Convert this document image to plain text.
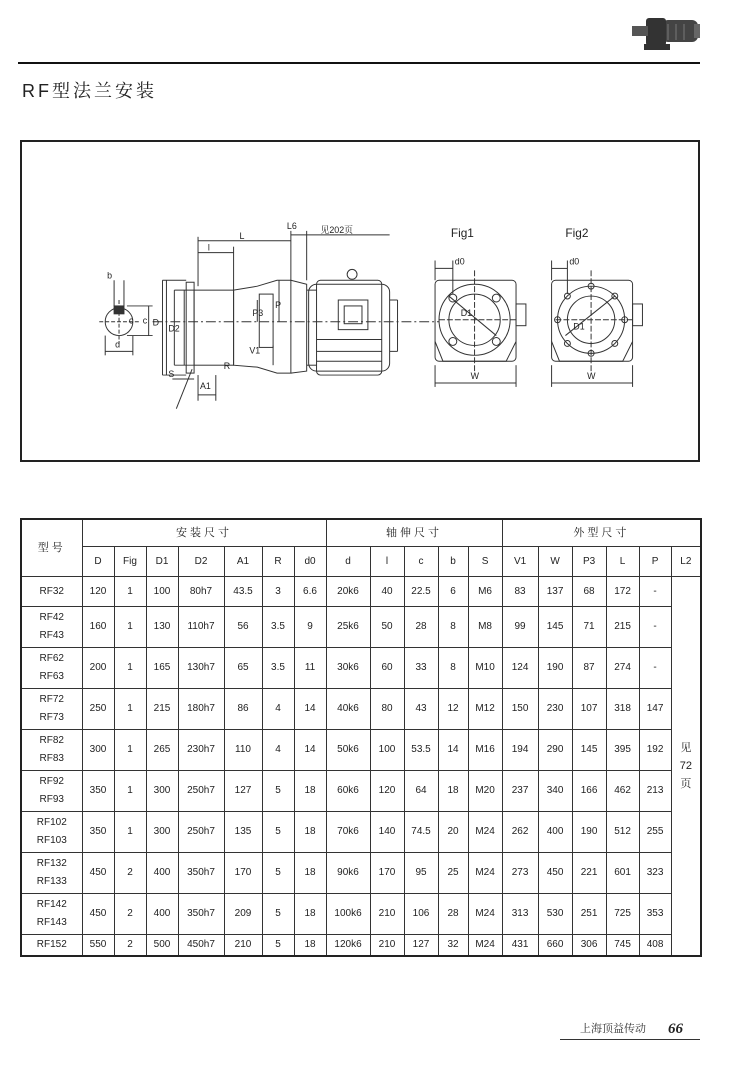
RF型法兰安装
b
c c
d
D
D2
L
l
L6	见202页
P3
P
V1
S
A1
R
Fig1	Fig2
d0	d0
D1
D1
W	W
型号	安装尺寸							轴伸尺寸					外型尺寸					
	D	Fig	D1	D2	A1	R	d0	d	l	c	b	S	V1	W	P3	L	P	L2
RF32	120	1	100	80h7	43.5	3	6.6	20k6	40	22.5	6	M6	83	137	68	172	-	见
72
页

RF42
RF43	160	1	130	110h7	56	3.5	9	25k6	50	28	8	M8	99	145	71	215	-	
RF62
RF63	200	1	165	130h7	65	3.5	11	30k6	60	33	8	M10	124	190	87	274	-	
RF72
RF73	250	1	215	180h7	86	4	14	40k6	80	43	12	M12	150	230	107	318	147	
RF82
RF83	300	1	265	230h7	110	4	14	50k6	100	53.5	14	M16	194	290	145	395	192	
RF92
RF93	350	1	300	250h7	127	5	18	60k6	120	64	18	M20	237	340	166	462	213	
RF102
RF103	350	1	300	250h7	135	5	18	70k6	140	74.5	20	M24	262	400	190	512	255	
RF132
RF133	450	2	400	350h7	170	5	18	90k6	170	95	25	M24	273	450	221	601	323	
RF142
RF143	450	2	400	350h7	209	5	18	100k6	210	106	28	M24	313	530	251	725	353	
RF152	550	2	500	450h7	210	5	18	120k6	210	127	32	M24	431	660	306	745	408	
上海顶益传动 66
